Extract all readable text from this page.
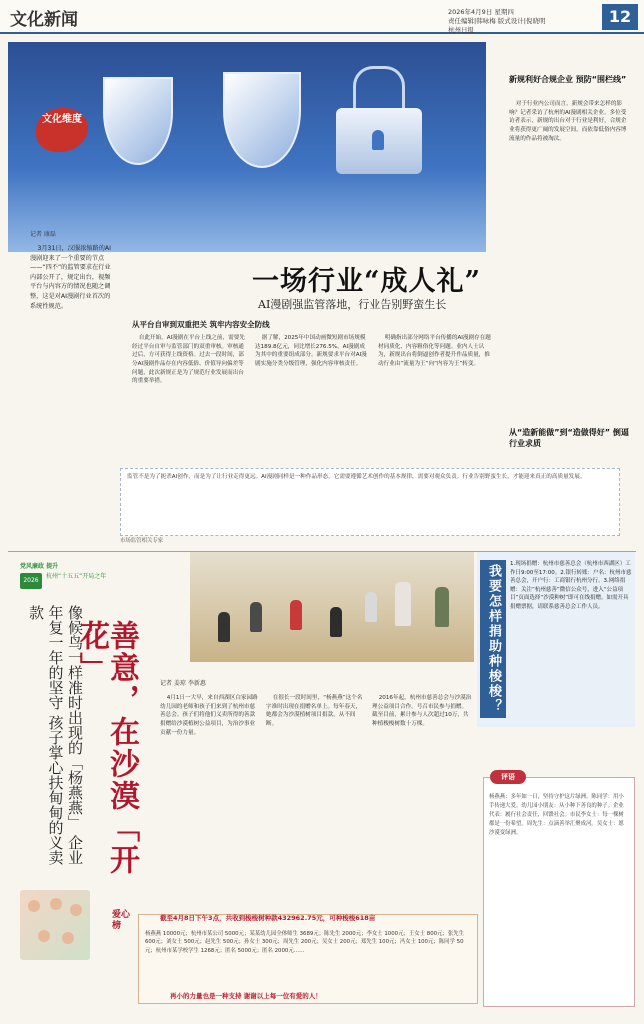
文化新闻	2026年4月9日 星期四
责任编辑|韩咏梅 版式设计|倪晓明
杭州日报
12
文化维度
记者 康磊
3月31日，汉服浓缩路的AI漫剧迎来了一个重要的节点——“四不”的监管要求在行业内部公开了，规定出台，视频平台与内容方的情况也随之调整，这是对AI漫剧行业首次的系统性规范。
一场行业“成人礼”
AI漫剧强监管落地，行业告别野蛮生长
从平台自审到双重把关 筑牢内容安全防线
自此开始，AI漫剧在平台上线之前，需要先经过平台自审与监管部门的双重审核。审核通过后，方可获得上线资格。过去一段时间，部分AI漫剧作品存在内容低俗、价值导向偏差等问题，此次新规正是为了规范行业发展而出台的重要举措。
据了解，2025年中国动画微短剧市场规模达189.8亿元，同比增长276.5%，AI漫剧成为其中的重要组成部分。新规要求平台对AI漫剧实施分类分级管理，强化内容审核责任。
明确指出部分网络平台传播的AI漫剧存在题材同质化、内容粗俗化等问题。业内人士认为，新规出台将倒逼创作者提升作品质量，推动行业由“流量为王”向“内容为王”转变。
新规利好合规企业 预防“围栏线”
对于行业内公司而言，新规会带来怎样的影响？记者采访了杭州的AI漫剧相关企业。多位受访者表示，新规的出台对于行业是利好，合规企业将获得更广阔的发展空间，而依靠低俗内容博流量的作品将被淘汰。
从“造新能做”到“造做得好” 倒逼行业求质
监管不是为了扼杀AI创作，而是为了让行业走得更远。AI漫剧同样是一种作品形态，它需要遵循艺术创作的基本规律，需要对观众负责。行业告别野蛮生长，才能迎来真正的高质量发展。
市场监管相关专家
党风廉政 提升
2026
杭州“十五五”开局之年
像候鸟一样准时出现的「杨燕燕」 企业年复一年的坚守 孩子掌心扶甸甸的义卖款
善意，在沙漠「开花」	记者 姜琼 李新惠
4月1日一大早，来自西湖区白家园路幼儿园的老师和孩子们来到了杭州市慈善总会。孩子们将他们义卖所得的善款捐赠给沙漠植树公益项目，为治沙事业贡献一份力量。
在很长一段时间里，“杨燕燕”这个名字准时出现在捐赠名单上。每年春天，她都会为沙漠植树项目捐款，从不间断。
2016年起，杭州市慈善总会与沙漠治理公益项目合作，号召市民参与捐赠。截至目前，累计参与人次超过10万，共种植梭梭树数十万棵。
我要怎样捐助种梭梭？	1.现场捐赠：杭州市慈善总会（杭州市西湖区）工作日9:00至17:00。2.银行转账：户名：杭州市慈善总会，开户行：工商银行杭州分行。3.网络捐赠：关注“杭州慈善”微信公众号，进入“公益项目”页面选择“沙漠种树”即可在线捐赠。如需开具捐赠票据，请联系慈善总会工作人员。
爱心榜
杨燕燕 10000元；杭州市某公司 5000元；某某幼儿园全体师生 3689元；陈先生 2000元；李女士 1000元；王女士 800元；张先生 600元；刘女士 500元；赵先生 500元；孙女士 300元；周先生 200元；吴女士 200元；郑先生 100元；冯女士 100元；陈同学 50元；杭州市某学校学生 1268元；匿名 5000元；匿名 2000元……
截至4月8日下午3点，共收到梭梭树种款432962.75元，可种梭梭618亩
再小的力量也是一种支持 谢谢以上每一位有爱的人！
杨燕燕：多年如一日，坚持守护这片绿洲。陈同学：用小手传递大爱。幼儿园小朋友：从小种下善良的种子。企业代表：履行社会责任，回馈社会。市民李女士：每一棵树都是一份希望。周先生：点滴善举汇聚成河。吴女士：愿沙漠变绿洲。
评语
